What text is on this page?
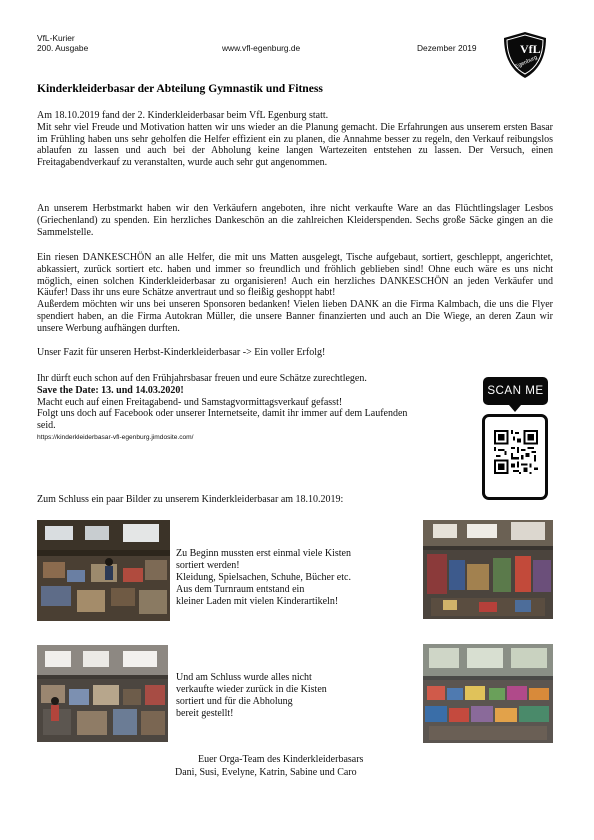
VfL-Kurier
200. Ausgabe	www.vfl-egenburg.de	Dezember 2019	VfL
Egenburg
Kinderkleiderbasar der Abteilung Gymnastik und Fitness

Am 18.10.2019 fand der 2. Kinderkleiderbasar beim VfL Egenburg statt.

Mit sehr viel Freude und Motivation hatten wir uns wieder an die Planung gemacht. Die Erfahrungen aus unserem ersten Basar im Frühling haben uns sehr geholfen die Helfer effizient ein zu planen, die Annahme besser zu regeln, den Verkauf reibungslos ablaufen zu lassen und auch bei der Abholung keine langen Wartezeiten entstehen zu lassen. Der Versuch, einen Freitagabendverkauf zu veranstalten, wurde auch sehr gut angenommen.

An unserem Herbstmarkt haben wir den Verkäufern angeboten, ihre nicht verkaufte Ware an das Flüchtlingslager Lesbos (Griechenland) zu spenden. Ein herzliches Dankeschön an die zahlreichen Kleiderspenden. Sechs große Säcke gingen an die Sammelstelle.

Ein riesen DANKESCHÖN an alle Helfer, die mit uns Matten ausgelegt, Tische aufgebaut, sortiert, geschleppt, angerichtet, abkassiert, zurück sortiert etc. haben und immer so freundlich und fröhlich geblieben sind! Ohne euch wäre es uns nicht möglich, einen solchen Kinderkleiderbasar zu organisieren! Auch ein herzliches DANKESCHÖN an jeden Verkäufer und Käufer! Dass ihr uns eure Schätze anvertraut und so fleißig geshoppt habt!

Außerdem möchten wir uns bei unseren Sponsoren bedanken! Vielen lieben DANK an die Firma Kalmbach, die uns die Flyer spendiert haben, an die Firma Autokran Müller, die unsere Banner finanzierten und auch an Die Wiege, an deren Zaun wir unsere Werbung aufhängen durften.

Unser Fazit für unseren Herbst-Kinderkleiderbasar -> Ein voller Erfolg!
Ihr dürft euch schon auf den Frühjahrsbasar freuen und eure Schätze zurechtlegen.
Save the Date: 13. und 14.03.2020!
Macht euch auf einen Freitagabend- und Samstagvormittagsverkauf gefasst!
Folgt uns doch auf Facebook oder unserer Internetseite, damit ihr immer auf dem Laufenden seid.
https://kinderkleiderbasar-vfl-egenburg.jimdosite.com/
SCAN ME
Zum Schluss ein paar Bilder zu unserem Kinderkleiderbasar am 18.10.2019:
Zu Beginn mussten erst einmal viele Kisten
sortiert werden!
Kleidung, Spielsachen, Schuhe, Bücher etc.
Aus dem Turnraum entstand ein
kleiner Laden mit vielen Kinderartikeln!
Und am Schluss wurde alles nicht
verkaufte wieder zurück in die Kisten
sortiert und für die Abholung
bereit gestellt!
Euer Orga-Team des Kinderkleiderbasars
Dani, Susi, Evelyne, Katrin, Sabine und Caro
